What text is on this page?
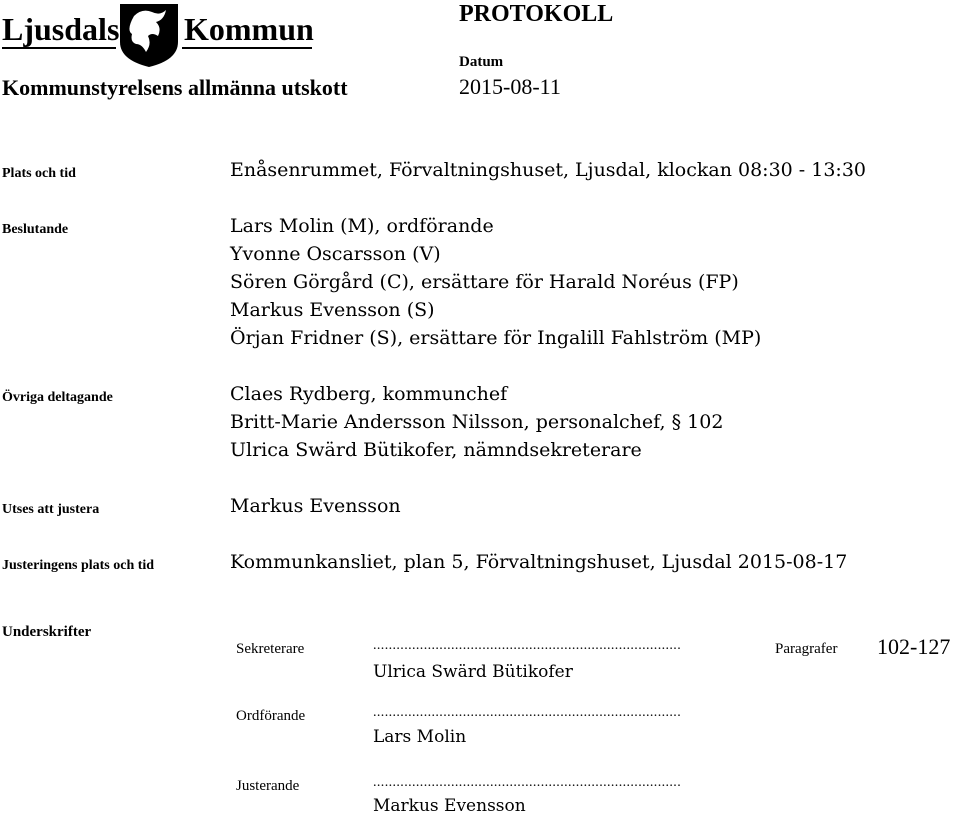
Ljusdals Kommun	PROTOKOLL
Datum
2015-08-11
Kommunstyrelsens allmänna utskott
Plats och tid	Enåsenrummet, Förvaltningshuset, Ljusdal, klockan 08:30 - 13:30
Beslutande	Lars Molin (M), ordförande
Yvonne Oscarsson (V)
Sören Görgård (C), ersättare för Harald Noréus (FP)
Markus Evensson (S)
Örjan Fridner (S), ersättare för Ingalill Fahlström (MP)
Övriga deltagande	Claes Rydberg, kommunchef
Britt-Marie Andersson Nilsson, personalchef, § 102
Ulrica Swärd Bütikofer, nämndsekreterare
Utses att justera	Markus Evensson
Justeringens plats och tid	Kommunkansliet, plan 5, Förvaltningshuset, Ljusdal 2015-08-17
Underskrifter
Sekreterare	...............................................................................
Ulrica Swärd Bütikofer
Paragrafer 102-127
Ordförande	...............................................................................
Lars Molin
Justerande	...............................................................................
Markus Evensson
